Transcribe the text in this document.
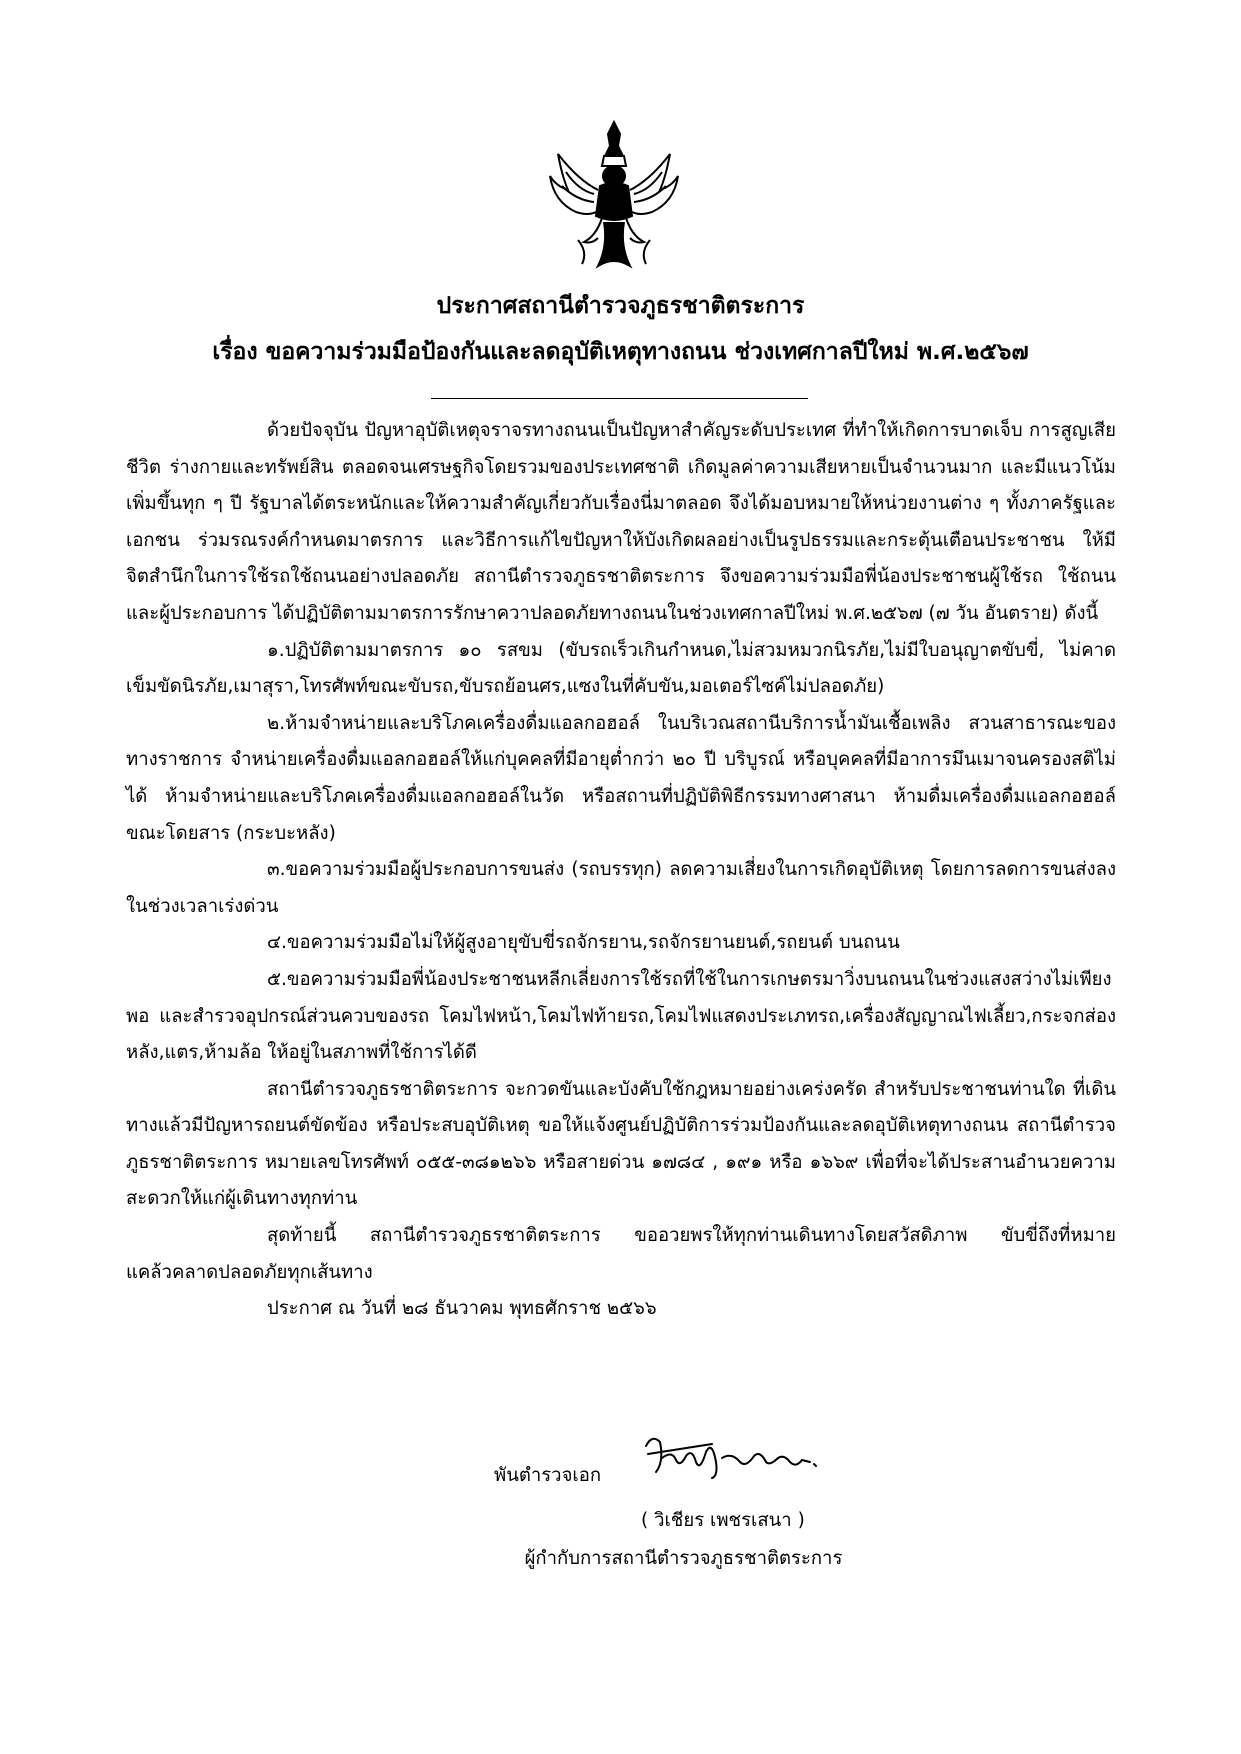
ประกาศสถานีตำรวจภูธรชาติตระการ
เรื่อง ขอความร่วมมือป้องกันและลดอุบัติเหตุทางถนน ช่วงเทศกาลปีใหม่ พ.ศ.๒๕๖๗

ด้วยปัจจุบัน ปัญหาอุบัติเหตุจราจรทางถนนเป็นปัญหาสำคัญระดับประเทศ ที่ทำให้เกิดการบาดเจ็บ การสูญเสียชีวิต ร่างกายและทรัพย์สิน ตลอดจนเศรษฐกิจโดยรวมของประเทศชาติ เกิดมูลค่าความเสียหายเป็นจำนวนมาก และมีแนวโน้มเพิ่มขึ้นทุก ๆ ปี รัฐบาลได้ตระหนักและให้ความสำคัญเกี่ยวกับเรื่องนี่มาตลอด จึงได้มอบหมายให้หน่วยงานต่าง ๆ ทั้งภาครัฐและเอกชน ร่วมรณรงค์กำหนดมาตรการ และวิธีการแก้ไขปัญหาให้บังเกิดผลอย่างเป็นรูปธรรมและกระตุ้นเตือนประชาชน ให้มีจิตสำนึกในการใช้รถใช้ถนนอย่างปลอดภัย สถานีตำรวจภูธรชาติตระการ จึงขอความร่วมมือพี่น้องประชาชนผู้ใช้รถ ใช้ถนน และผู้ประกอบการ ได้ปฏิบัติตามมาตรการรักษาควาปลอดภัยทางถนนในช่วงเทศกาลปีใหม่ พ.ศ.๒๕๖๗ (๗ วัน อันตราย) ดังนี้

๑.ปฏิบัติตามมาตรการ ๑๐ รสขม (ขับรถเร็วเกินกำหนด,ไม่สวมหมวกนิรภัย,ไม่มีใบอนุญาตขับขี่, ไม่คาดเข็มขัดนิรภัย,เมาสุรา,โทรศัพท์ขณะขับรถ,ขับรถย้อนศร,แซงในที่คับขัน,มอเตอร์ไซค์ไม่ปลอดภัย)

๒.ห้ามจำหน่ายและบริโภคเครื่องดื่มแอลกอฮอล์ ในบริเวณสถานีบริการน้ำมันเชื้อเพลิง สวนสาธารณะของทางราชการ จำหน่ายเครื่องดื่มแอลกอฮอล์ให้แก่บุคคลที่มีอายุต่ำกว่า ๒๐ ปี บริบูรณ์ หรือบุคคลที่มีอาการมึนเมาจนครองสติไม่ได้ ห้ามจำหน่ายและบริโภคเครื่องดื่มแอลกอฮอล์ในวัด หรือสถานที่ปฏิบัติพิธีกรรมทางศาสนา ห้ามดื่มเครื่องดื่มแอลกอฮอล์ขณะโดยสาร (กระบะหลัง)

๓.ขอความร่วมมือผู้ประกอบการขนส่ง (รถบรรทุก) ลดความเสี่ยงในการเกิดอุบัติเหตุ โดยการลดการขนส่งลงในช่วงเวลาเร่งด่วน

๔.ขอความร่วมมือไม่ให้ผู้สูงอายุขับขี่รถจักรยาน,รถจักรยานยนต์,รถยนต์ บนถนน

๕.ขอความร่วมมือพี่น้องประชาชนหลีกเลี่ยงการใช้รถที่ใช้ในการเกษตรมาวิ่งบนถนนในช่วงแสงสว่างไม่เพียงพอ และสำรวจอุปกรณ์ส่วนควบของรถ โคมไฟหน้า,โคมไฟท้ายรถ,โคมไฟแสดงประเภทรถ,เครื่องสัญญาณไฟเลี้ยว,กระจกส่องหลัง,แตร,ห้ามล้อ ให้อยู่ในสภาพที่ใช้การได้ดี

สถานีตำรวจภูธรชาติตระการ จะกวดขันและบังคับใช้กฎหมายอย่างเคร่งครัด สำหรับประชาชนท่านใด ที่เดินทางแล้วมีปัญหารถยนต์ขัดข้อง หรือประสบอุบัติเหตุ ขอให้แจ้งศูนย์ปฏิบัติการร่วมป้องกันและลดอุบัติเหตุทางถนน สถานีตำรวจภูธรชาติตระการ หมายเลขโทรศัพท์ ๐๕๕-๓๘๑๒๖๖ หรือสายด่วน ๑๗๘๔ , ๑๙๑ หรือ ๑๖๖๙ เพื่อที่จะได้ประสานอำนวยความสะดวกให้แก่ผู้เดินทางทุกท่าน

สุดท้ายนี้ สถานีตำรวจภูธรชาติตระการ ขออวยพรให้ทุกท่านเดินทางโดยสวัสดิภาพ ขับขี่ถึงที่หมายแคล้วคลาดปลอดภัยทุกเส้นทาง

ประกาศ ณ วันที่ ๒๘ ธันวาคม พุทธศักราช ๒๕๖๖

พันตำรวจเอก
( วิเชียร เพชรเสนา )
ผู้กำกับการสถานีตำรวจภูธรชาติตระการ
